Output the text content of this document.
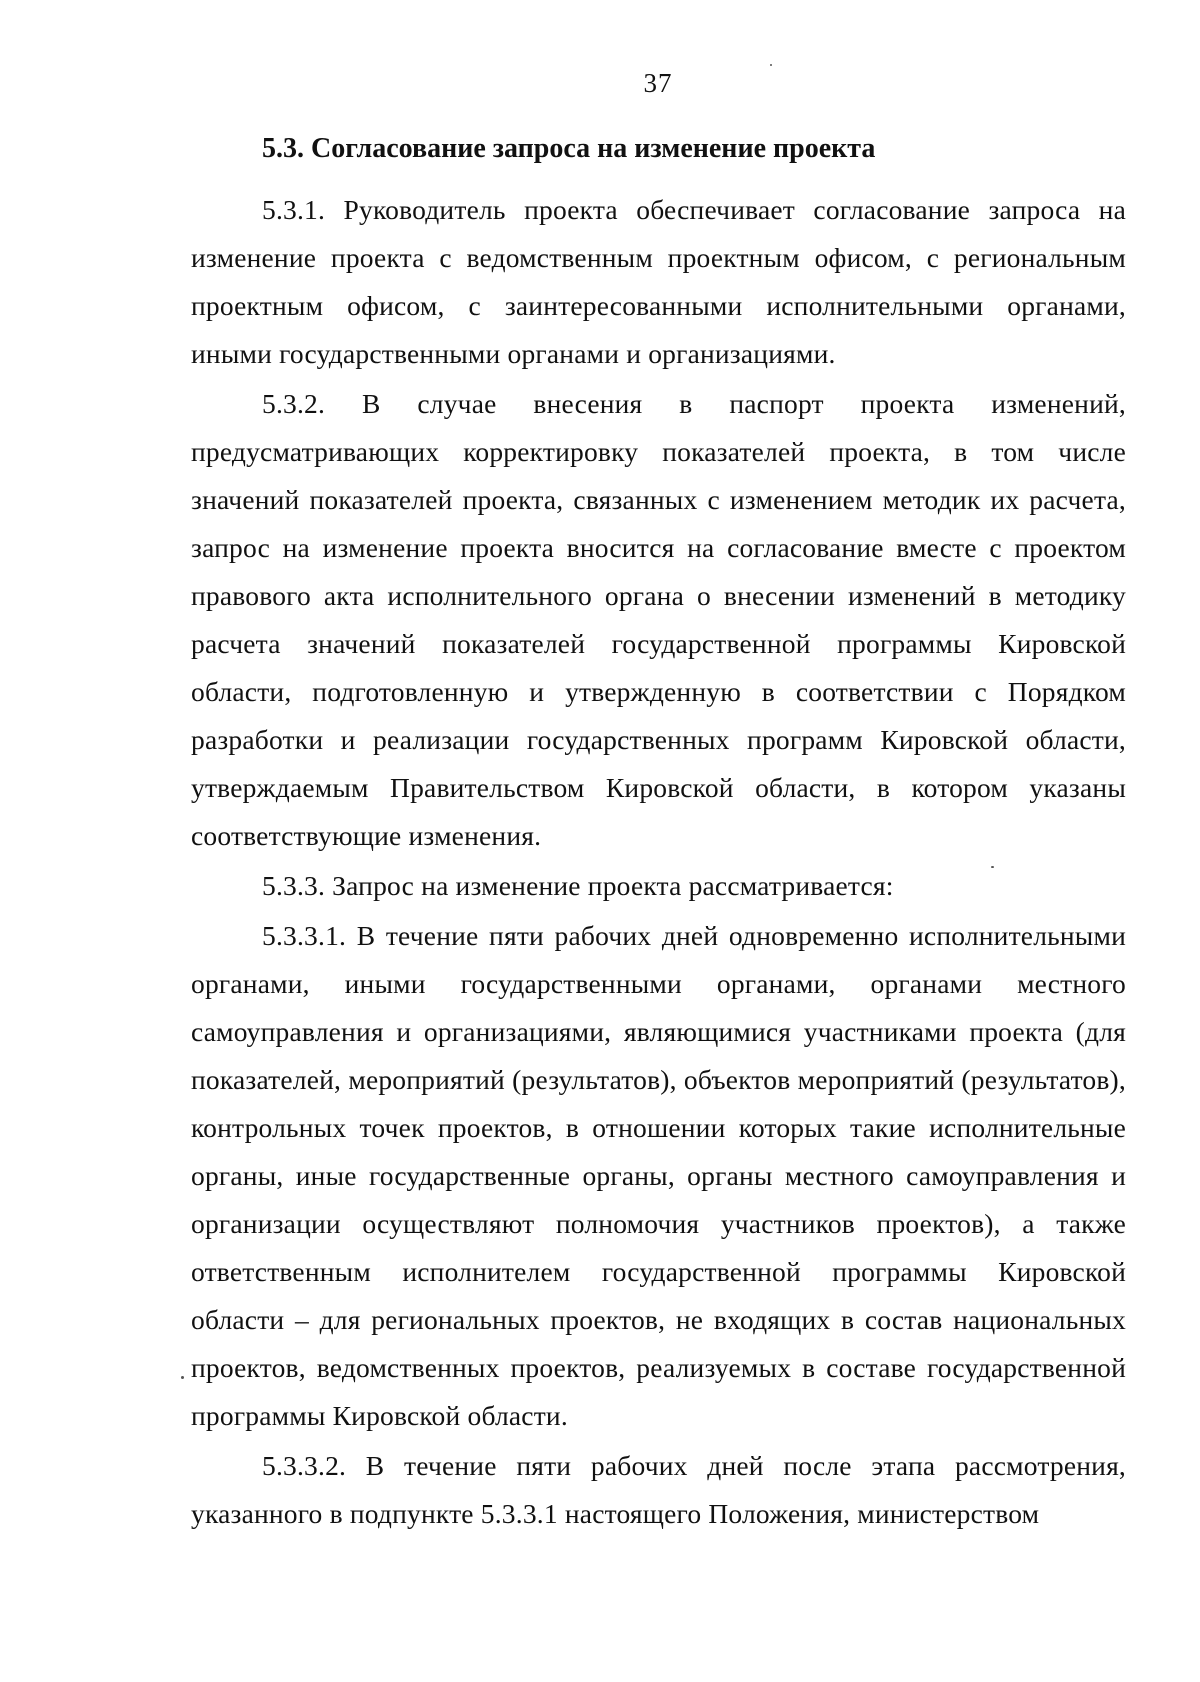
37
5.3. Согласование запроса на изменение проекта

5.3.1. Руководитель проекта обеспечивает согласование запроса на изменение проекта с ведомственным проектным офисом, с региональным проектным офисом, с заинтересованными исполнительными органами, иными государственными органами и организациями.

5.3.2. В случае внесения в паспорт проекта изменений, предусматривающих корректировку показателей проекта, в том числе значений показателей проекта, связанных с изменением методик их расчета, запрос на изменение проекта вносится на согласование вместе с проектом правового акта исполнительного органа о внесении изменений в методику расчета значений показателей государственной программы Кировской области, подготовленную и утвержденную в соответствии с Порядком разработки и реализации государственных программ Кировской области, утверждаемым Правительством Кировской области, в котором указаны соответствующие изменения.

5.3.3. Запрос на изменение проекта рассматривается:

5.3.3.1. В течение пяти рабочих дней одновременно исполнительными органами, иными государственными органами, органами местного самоуправления и организациями, являющимися участниками проекта (для показателей, мероприятий (результатов), объектов мероприятий (результатов), контрольных точек проектов, в отношении которых такие исполнительные органы, иные государственные органы, органы местного самоуправления и организации осуществляют полномочия участников проектов), а также ответственным исполнителем государственной программы Кировской области – для региональных проектов, не входящих в состав национальных проектов, ведомственных проектов, реализуемых в составе государственной программы Кировской области.

5.3.3.2. В течение пяти рабочих дней после этапа рассмотрения, указанного в подпункте 5.3.3.1 настоящего Положения, министерством
